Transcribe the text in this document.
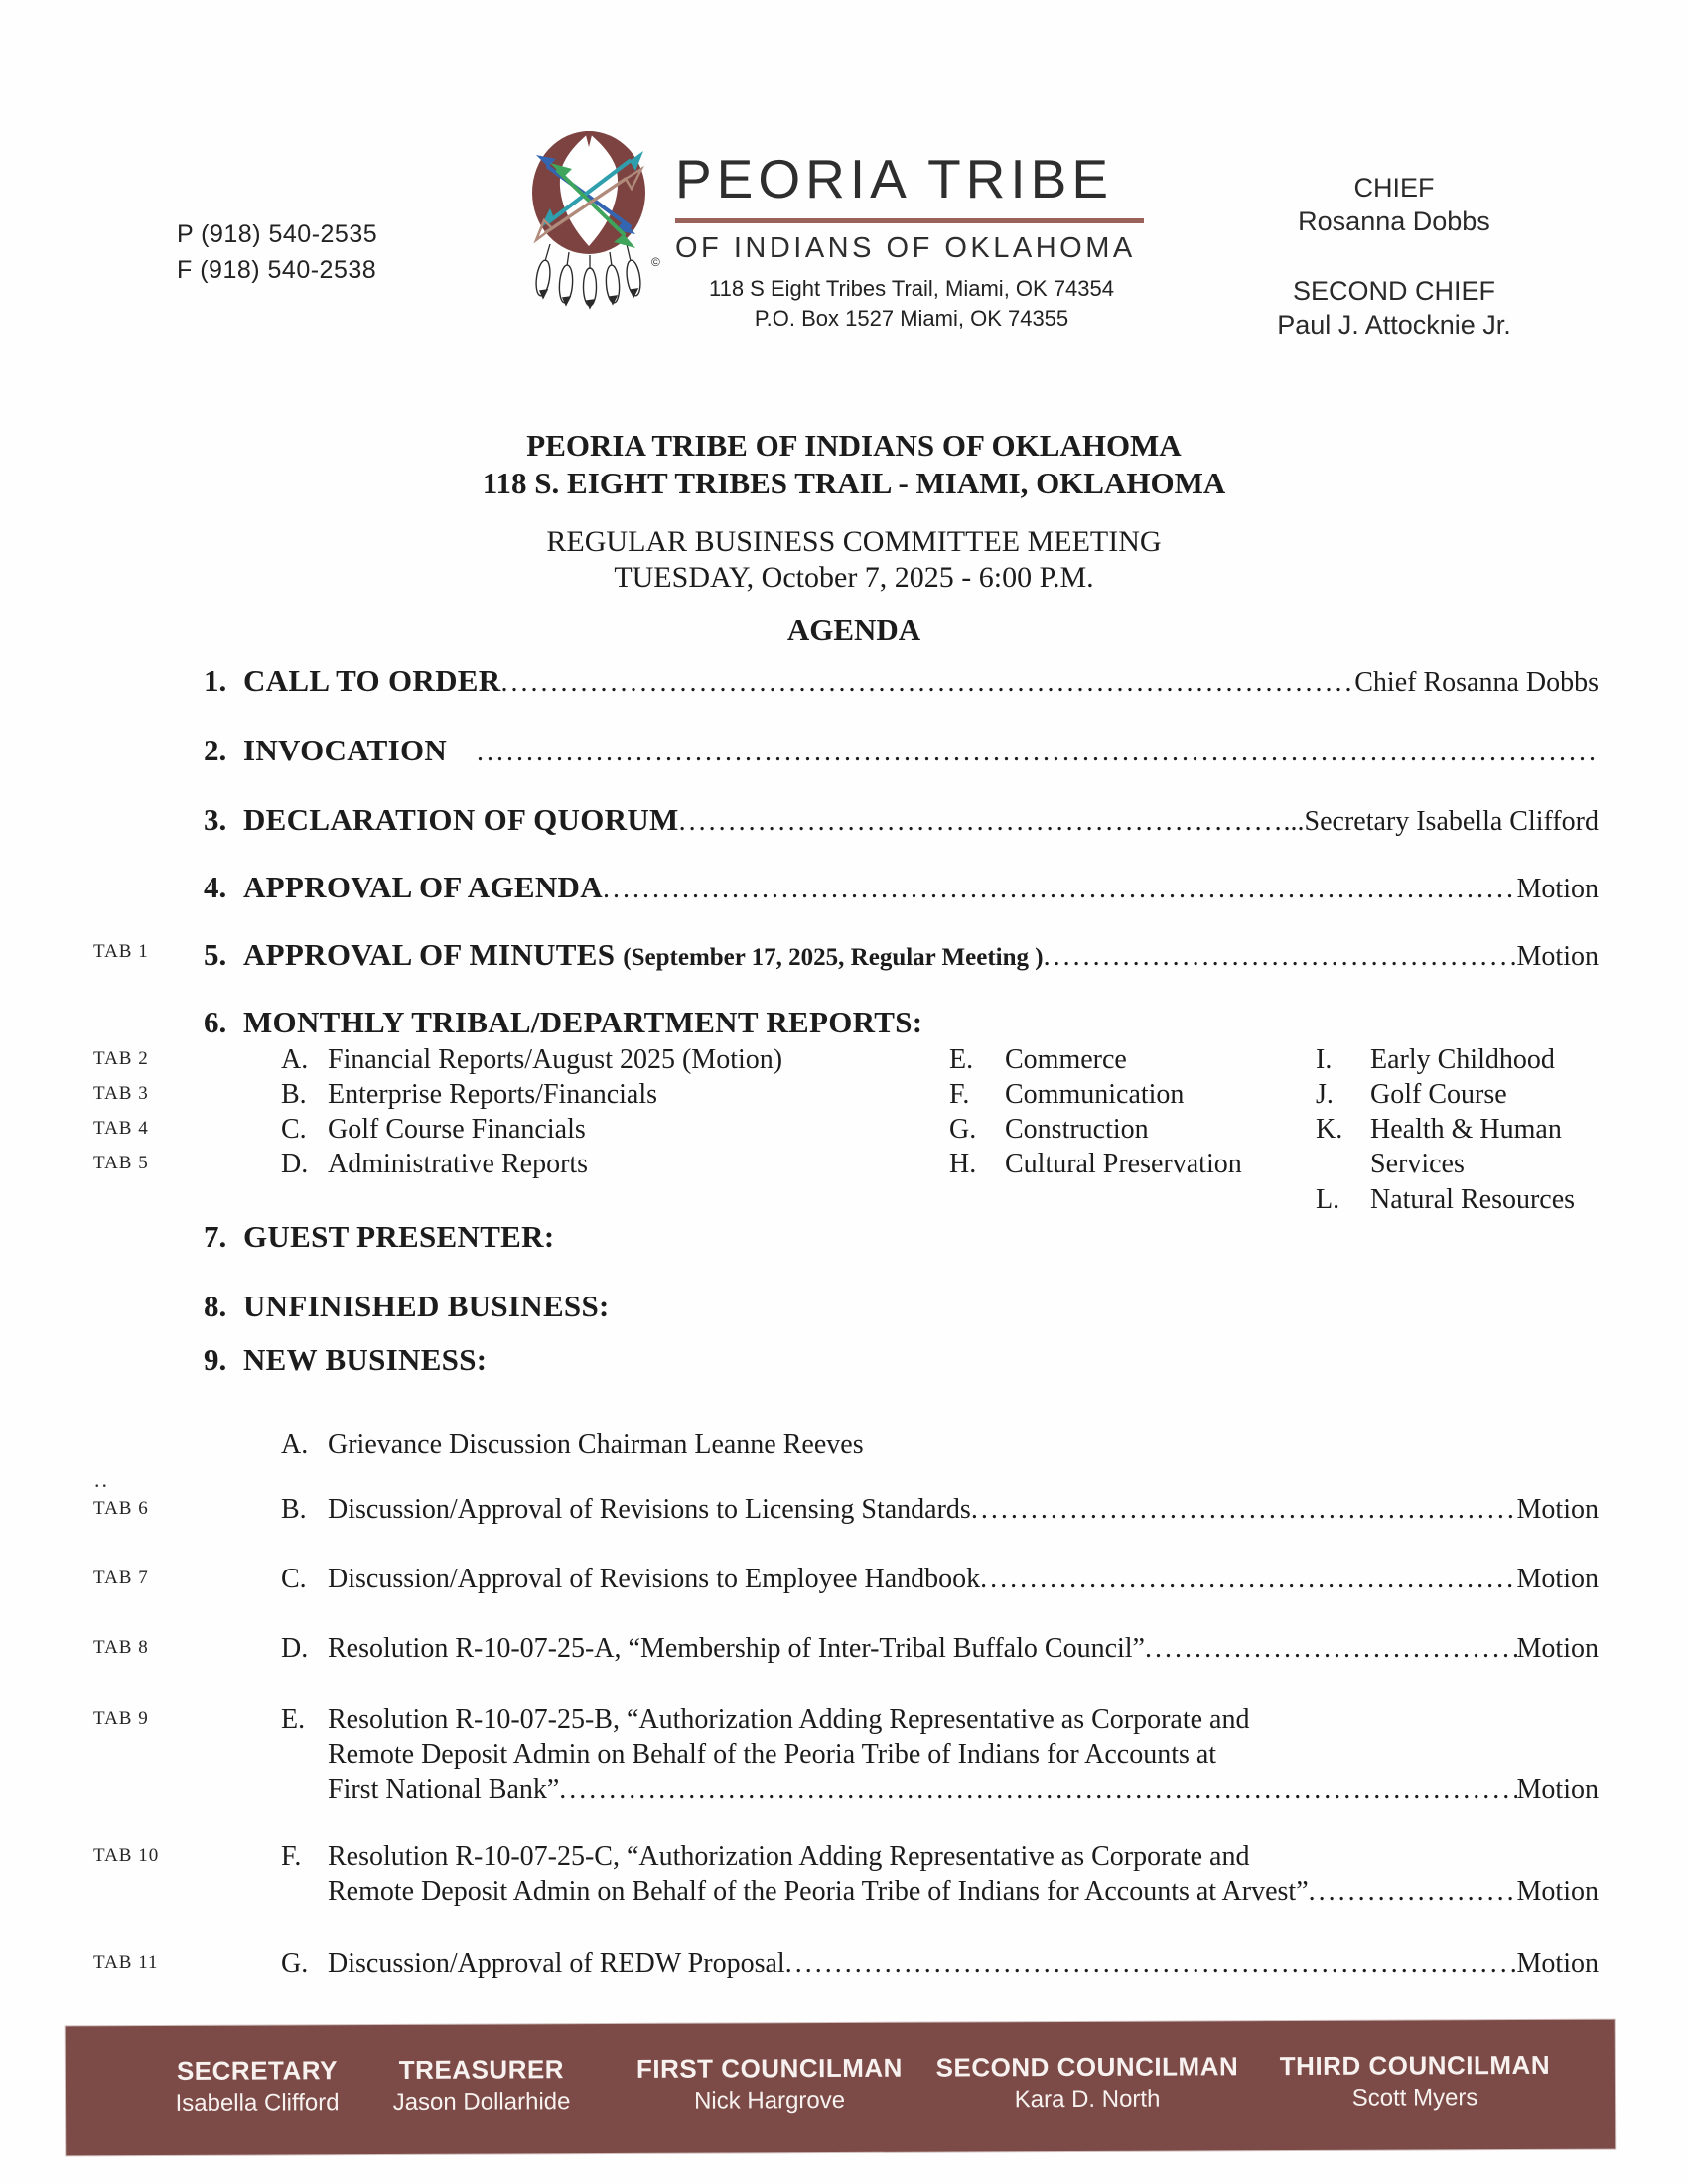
P (918) 540-2535
F (918) 540-2538	©
PEORIA TRIBE
OF INDIANS OF OKLAHOMA
118 S Eight Tribes Trail, Miami, OK 74354
P.O. Box 1527 Miami, OK 74355
CHIEF
Rosanna Dobbs
SECOND CHIEF
Paul J. Attocknie Jr.
PEORIA TRIBE OF INDIANS OF OKLAHOMA
118 S. EIGHT TRIBES TRAIL - MIAMI, OKLAHOMA
REGULAR BUSINESS COMMITTEE MEETING
TUESDAY, October 7, 2025 - 6:00 P.M.
AGENDA
1. CALL TO ORDER .....	Chief Rosanna Dobbs
2. INVOCATION
.....
3. DECLARATION OF QUORUM .....	...Secretary Isabella Clifford
4. APPROVAL OF AGENDA .....	Motion
TAB 1 5. APPROVAL OF MINUTES (September 17, 2025, Regular Meeting ) .....	Motion
6. MONTHLY TRIBAL/DEPARTMENT REPORTS:
TAB 2	A. Financial Reports/August 2025 (Motion)	E. Commerce	I. Early Childhood
TAB 3	B. Enterprise Reports/Financials	F. Communication	J. Golf Course
TAB 4	C. Golf Course Financials	G. Construction	K. Health & Human
TAB 5	D. Administrative Reports	H. Cultural Preservation	Services
L. Natural Resources
7. GUEST PRESENTER:
8. UNFINISHED BUSINESS:
9. NEW BUSINESS:
A. Grievance Discussion Chairman Leanne Reeves
..
TAB 6	B. Discussion/Approval of Revisions to Licensing Standards .....	Motion
TAB 7	C. Discussion/Approval of Revisions to Employee Handbook .....	Motion
TAB 8	D. Resolution R-10-07-25-A, “Membership of Inter-Tribal Buffalo Council” .....	Motion
TAB 9	E. Resolution R-10-07-25-B, “Authorization Adding Representative as Corporate and
Remote Deposit Admin on Behalf of the Peoria Tribe of Indians for Accounts at
First National Bank” .....	Motion
TAB 10	F. Resolution R-10-07-25-C, “Authorization Adding Representative as Corporate and
Remote Deposit Admin on Behalf of the Peoria Tribe of Indians for Accounts at Arvest” .....	Motion
TAB 11	G. Discussion/Approval of REDW Proposal .....	Motion
SECRETARY
Isabella Clifford
TREASURER
Jason Dollarhide
FIRST COUNCILMAN
Nick Hargrove
SECOND COUNCILMAN
Kara D. North
THIRD COUNCILMAN
Scott Myers
